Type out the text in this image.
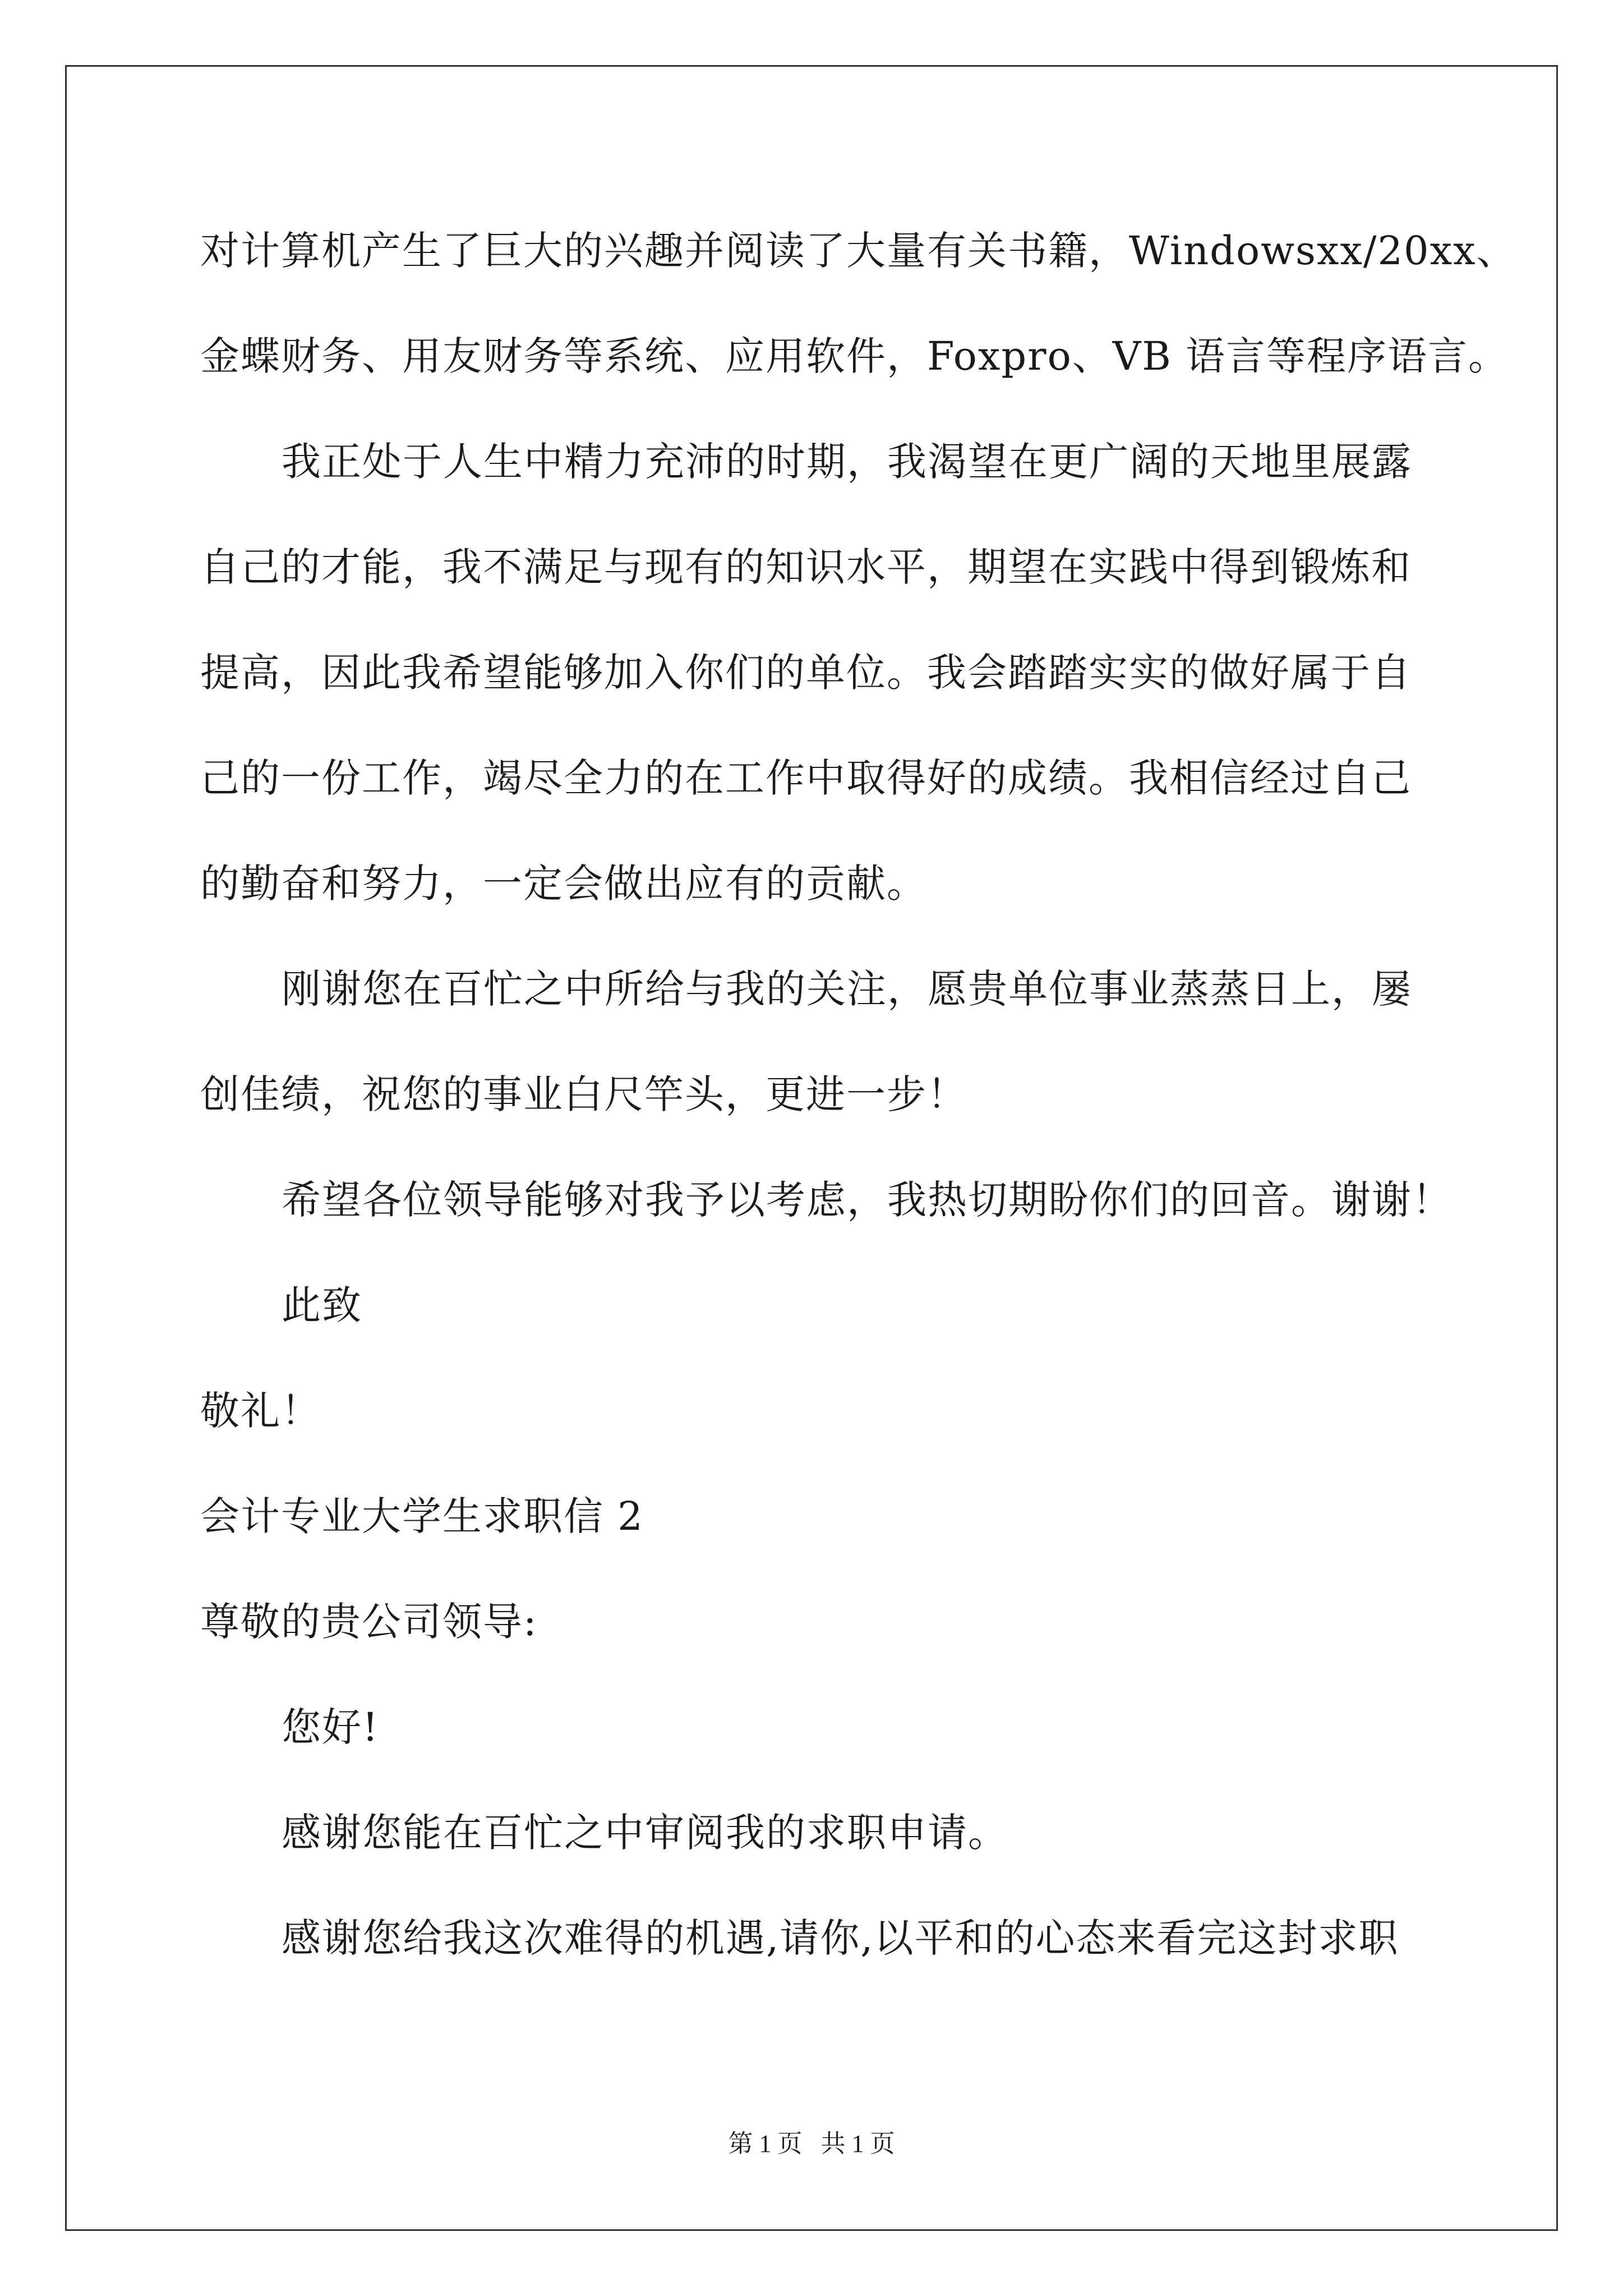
对计算机产生了巨大的兴趣并阅读了大量有关书籍，Windowsxx/20xx、
金蝶财务、用友财务等系统、应用软件，Foxpro、VB 语言等程序语言。
我正处于人生中精力充沛的时期，我渴望在更广阔的天地里展露
自己的才能，我不满足与现有的知识水平，期望在实践中得到锻炼和
提高，因此我希望能够加入你们的单位。我会踏踏实实的做好属于自
己的一份工作，竭尽全力的在工作中取得好的成绩。我相信经过自己
的勤奋和努力，一定会做出应有的贡献。
刚谢您在百忙之中所给与我的关注，愿贵单位事业蒸蒸日上，屡
创佳绩，祝您的事业白尺竿头，更进一步！
希望各位领导能够对我予以考虑，我热切期盼你们的回音。谢谢！
此致
敬礼！
会计专业大学生求职信 2
尊敬的贵公司领导:
您好!
感谢您能在百忙之中审阅我的求职申请。
感谢您给我这次难得的机遇,请你,以平和的心态来看完这封求职
第 1 页   共 1 页
